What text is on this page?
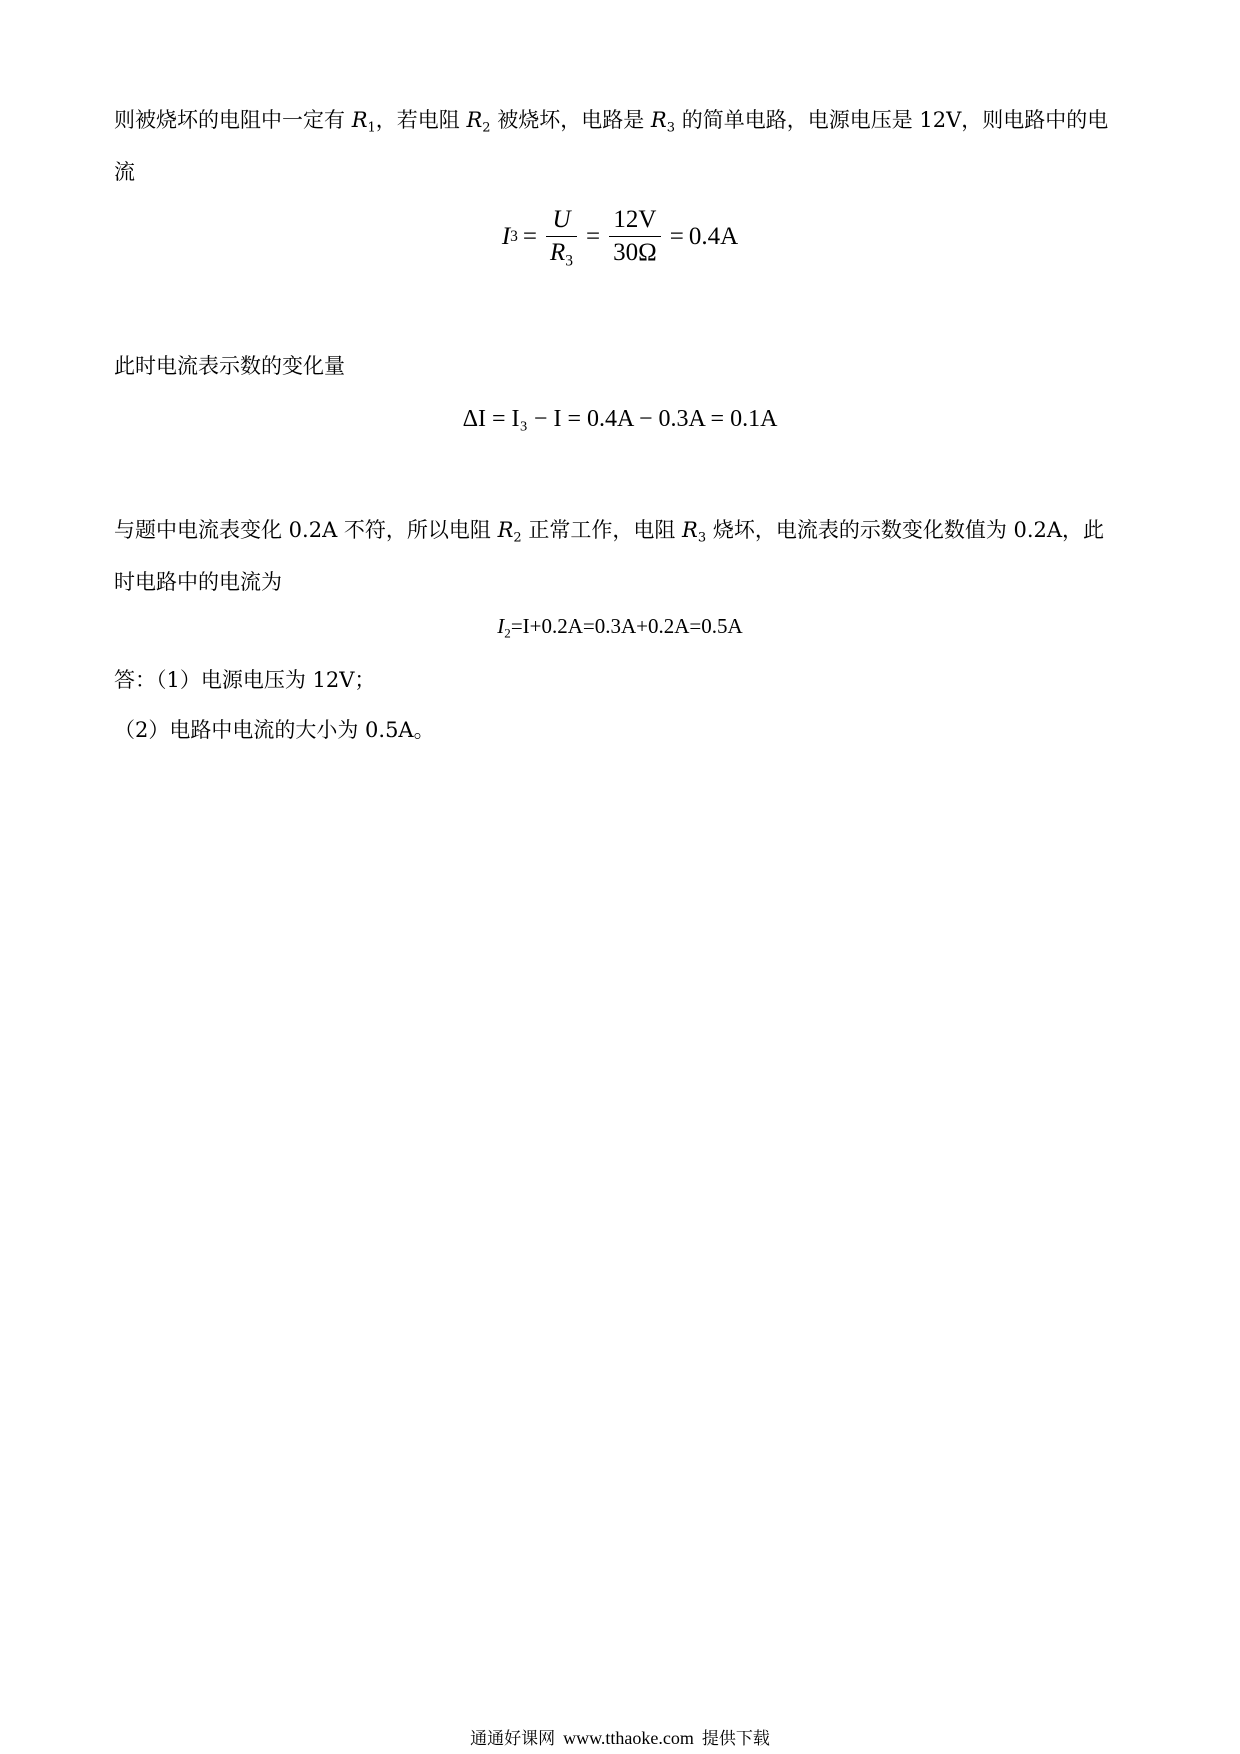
则被烧坏的电阻中一定有 $R_1$，若电阻 $R_2$ 被烧坏，电路是 $R_3$ 的简单电路，电源电压是 12V，则电路中的电流

I $3 = \frac{U}{R_3} = \frac{12V}{30\Omega} = 0.4A$

此时电流表示数的变化量

ΔI = I₃ − I = 0.4A − 0.3A = 0.1A

与题中电流表变化 0.2A 不符，所以电阻 $R_2$ 正常工作，电阻 $R_3$ 烧坏，电流表的示数变化数值为 0.2A，此时电路中的电流为

$I_2=I+0.2A=0.3A+0.2A=0.5A$

答：（1）电源电压为 12V；

（2）电路中电流的大小为 0.5A。

通通好课网 www.tthaoke.com 提供下载
